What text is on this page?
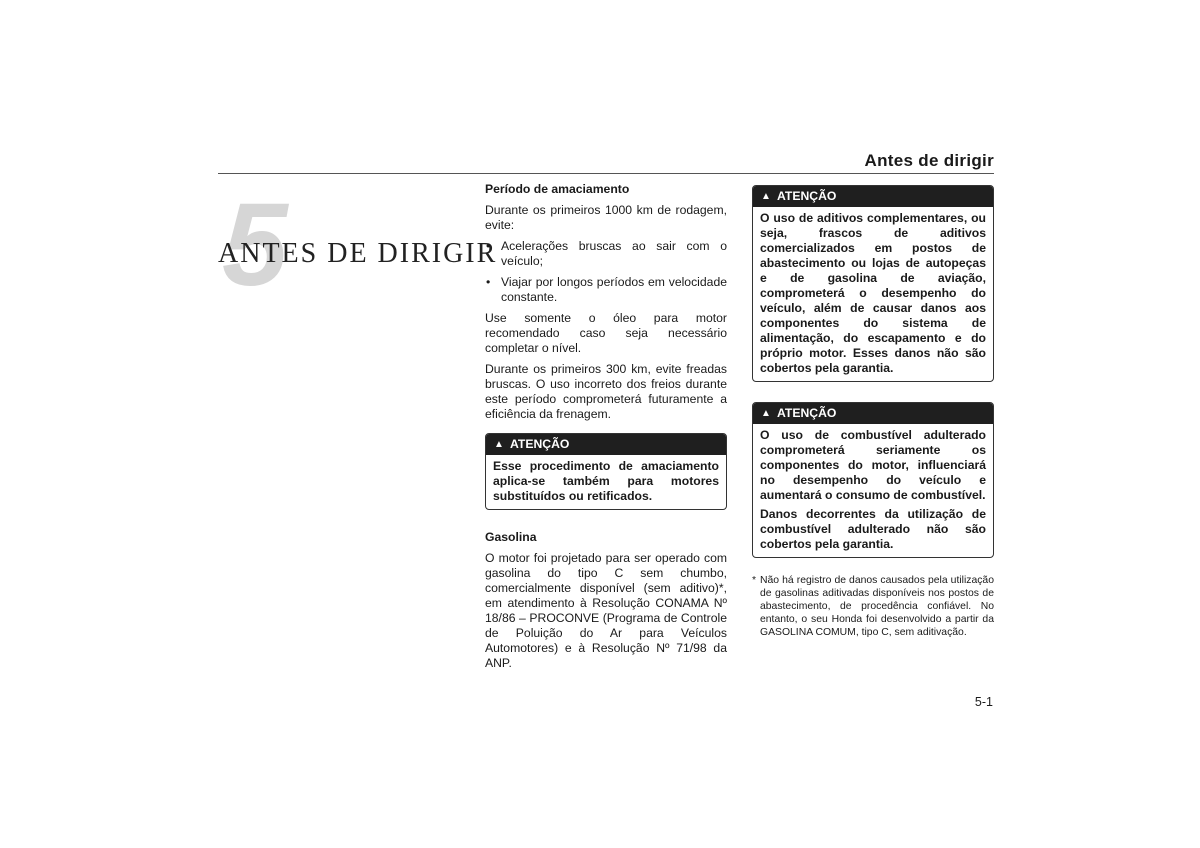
Antes de dirigir
5
ANTES DE DIRIGIR

Período de amaciamento

Durante os primeiros 1000 km de rodagem, evite:

• Acelerações bruscas ao sair com o veículo;
• Viajar por longos períodos em velocidade constante.

Use somente o óleo para motor recomendado caso seja necessário completar o nível.

Durante os primeiros 300 km, evite freadas bruscas. O uso incorreto dos freios durante este período comprometerá futuramente a eficiência da frenagem.

▲ ATENÇÃO

Esse procedimento de amaciamento aplica-se também para motores substituídos ou retificados.

Gasolina

O motor foi projetado para ser operado com gasolina do tipo C sem chumbo, comercialmente disponível (sem aditivo)*, em atendimento à Resolução CONAMA Nº 18/86 – PROCONVE (Programa de Controle de Poluição do Ar para Veículos Automotores) e à Resolução Nº 71/98 da ANP.

▲ ATENÇÃO

O uso de aditivos complementares, ou seja, frascos de aditivos comercializados em postos de abastecimento ou lojas de autopeças e de gasolina de aviação, comprometerá o desempenho do veículo, além de causar danos aos componentes do sistema de alimentação, do escapamento e do próprio motor. Esses danos não são cobertos pela garantia.

▲ ATENÇÃO

O uso de combustível adulterado comprometerá seriamente os componentes do motor, influenciará no desempenho do veículo e aumentará o consumo de combustível.

Danos decorrentes da utilização de combustível adulterado não são cobertos pela garantia.

* Não há registro de danos causados pela utilização de gasolinas aditivadas disponíveis nos postos de abastecimento, de procedência confiável. No entanto, o seu Honda foi desenvolvido a partir da GASOLINA COMUM, tipo C, sem aditivação.
5-1
